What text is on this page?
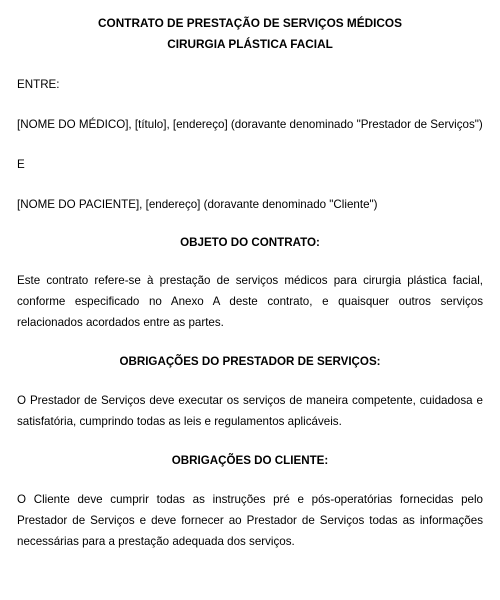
CONTRATO DE PRESTAÇÃO DE SERVIÇOS MÉDICOS
CIRURGIA PLÁSTICA FACIAL

ENTRE:

[NOME DO MÉDICO], [título], [endereço] (doravante denominado "Prestador de Serviços")

E

[NOME DO PACIENTE], [endereço] (doravante denominado "Cliente")

OBJETO DO CONTRATO:

Este contrato refere-se à prestação de serviços médicos para cirurgia plástica facial, conforme especificado no Anexo A deste contrato, e quaisquer outros serviços relacionados acordados entre as partes.

OBRIGAÇÕES DO PRESTADOR DE SERVIÇOS:

O Prestador de Serviços deve executar os serviços de maneira competente, cuidadosa e satisfatória, cumprindo todas as leis e regulamentos aplicáveis.

OBRIGAÇÕES DO CLIENTE:

O Cliente deve cumprir todas as instruções pré e pós-operatórias fornecidas pelo Prestador de Serviços e deve fornecer ao Prestador de Serviços todas as informações necessárias para a prestação adequada dos serviços.
